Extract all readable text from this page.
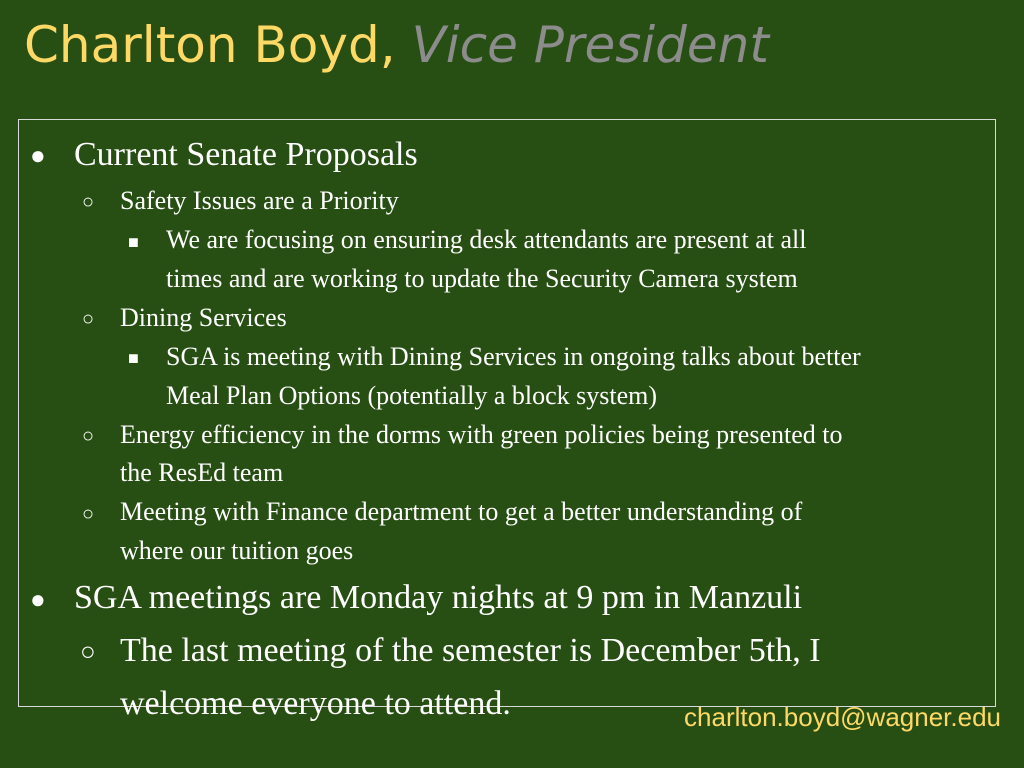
Charlton Boyd, Vice President
● Current Senate Proposals
○ Safety Issues are a Priority
■ We are focusing on ensuring desk attendants are present at all
times and are working to update the Security Camera system
○ Dining Services
■ SGA is meeting with Dining Services in ongoing talks about better
Meal Plan Options (potentially a block system)
○ Energy efficiency in the dorms with green policies being presented to
the ResEd team
○ Meeting with Finance department to get a better understanding of
where our tuition goes
● SGA meetings are Monday nights at 9 pm in Manzuli
○ The last meeting of the semester is December 5th, I
welcome everyone to attend.	charlton.boyd@wagner.edu
